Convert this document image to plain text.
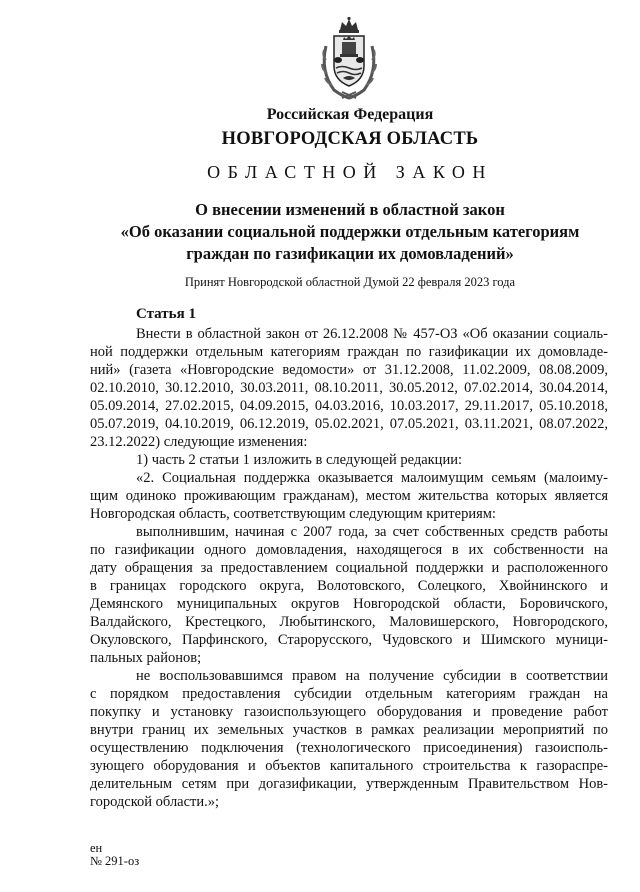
Российская Федерация
НОВГОРОДСКАЯ ОБЛАСТЬ
ОБЛАСТНОЙ ЗАКОН
О внесении изменений в областной закон
«Об оказании социальной поддержки отдельным категориям
граждан по газификации их домовладений»
Принят Новгородской областной Думой 22 февраля 2023 года
Статья 1
Внести в областной закон от 26.12.2008 № 457-ОЗ «Об оказании социаль-
ной поддержки отдельным категориям граждан по газификации их домовладе-
ний» (газета «Новгородские ведомости» от 31.12.2008, 11.02.2009, 08.08.2009,
02.10.2010, 30.12.2010, 30.03.2011, 08.10.2011, 30.05.2012, 07.02.2014, 30.04.2014,
05.09.2014, 27.02.2015, 04.09.2015, 04.03.2016, 10.03.2017, 29.11.2017, 05.10.2018,
05.07.2019, 04.10.2019, 06.12.2019, 05.02.2021, 07.05.2021, 03.11.2021, 08.07.2022,
23.12.2022) следующие изменения:
1) часть 2 статьи 1 изложить в следующей редакции:
«2. Социальная поддержка оказывается малоимущим семьям (малоиму-
щим одиноко проживающим гражданам), местом жительства которых является
Новгородская область, соответствующим следующим критериям:
выполнившим, начиная с 2007 года, за счет собственных средств работы
по газификации одного домовладения, находящегося в их собственности на
дату обращения за предоставлением социальной поддержки и расположенного
в границах городского округа, Волотовского, Солецкого, Хвойнинского и
Демянского муниципальных округов Новгородской области, Боровичского,
Валдайского, Крестецкого, Любытинского, Маловишерского, Новгородского,
Окуловского, Парфинского, Старорусского, Чудовского и Шимского муници-
пальных районов;
не воспользовавшимся правом на получение субсидии в соответствии
с порядком предоставления субсидии отдельным категориям граждан на
покупку и установку газоиспользующего оборудования и проведение работ
внутри границ их земельных участков в рамках реализации мероприятий по
осуществлению подключения (технологического присоединения) газоисполь-
зующего оборудования и объектов капитального строительства к газорaспре-
делительным сетям при догазификации, утвержденным Правительством Нов-
городской области.»;
ен
№ 291-оз
